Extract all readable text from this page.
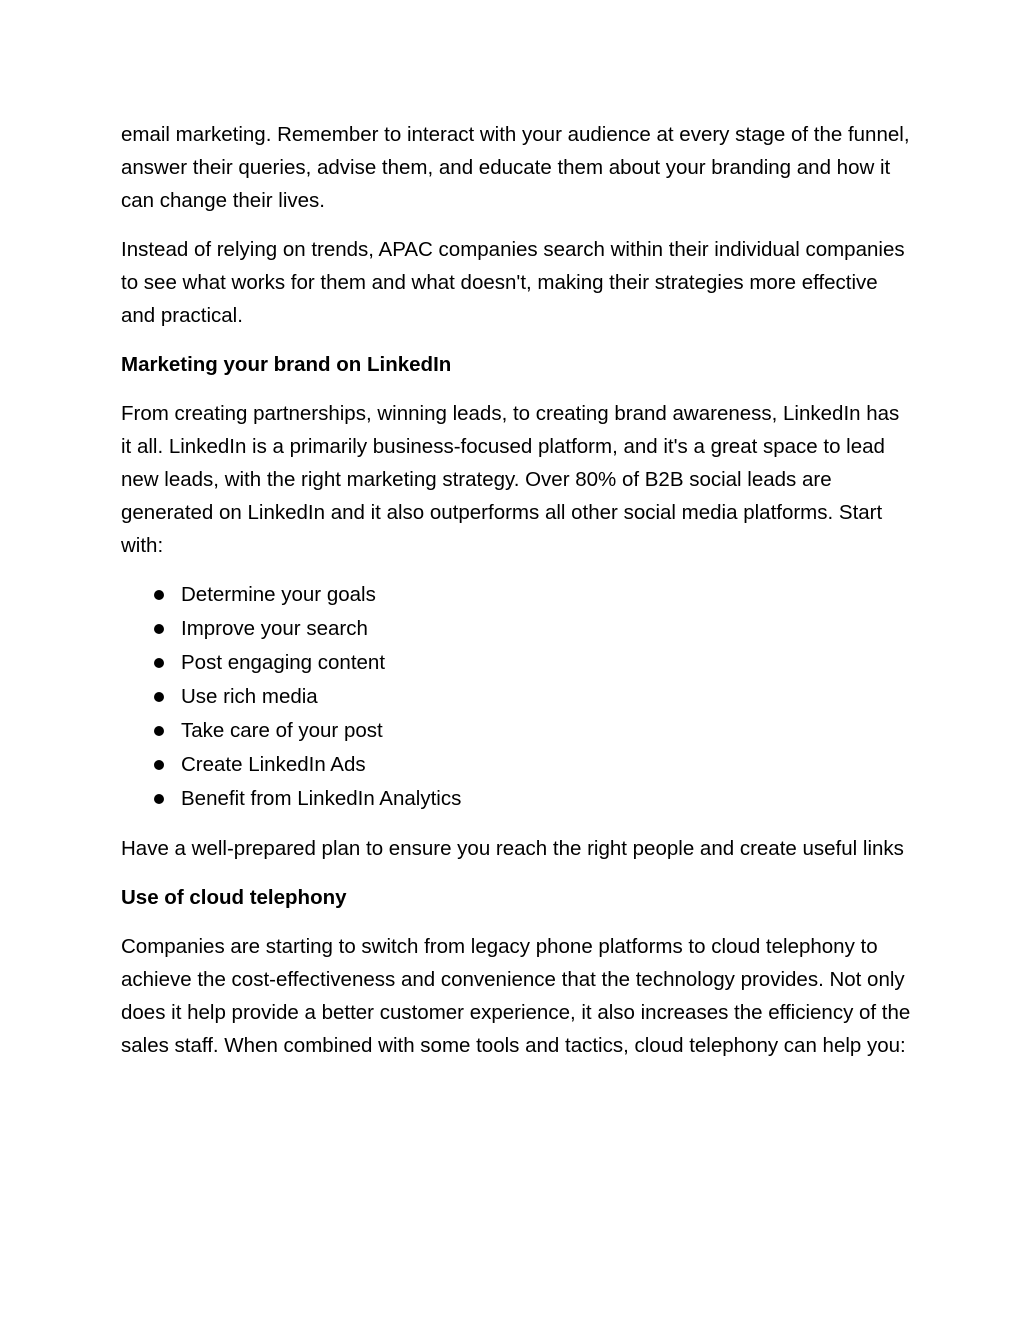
email marketing. Remember to interact with your audience at every stage of the funnel, answer their queries, advise them, and educate them about your branding and how it can change their lives.

Instead of relying on trends, APAC companies search within their individual companies to see what works for them and what doesn't, making their strategies more effective and practical.

Marketing your brand on LinkedIn

From creating partnerships, winning leads, to creating brand awareness, LinkedIn has it all. LinkedIn is a primarily business-focused platform, and it's a great space to lead new leads, with the right marketing strategy. Over 80% of B2B social leads are generated on LinkedIn and it also outperforms all other social media platforms. Start with:

Determine your goals
Improve your search
Post engaging content
Use rich media
Take care of your post
Create LinkedIn Ads
Benefit from LinkedIn Analytics

Have a well-prepared plan to ensure you reach the right people and create useful links

Use of cloud telephony

Companies are starting to switch from legacy phone platforms to cloud telephony to achieve the cost-effectiveness and convenience that the technology provides. Not only does it help provide a better customer experience, it also increases the efficiency of the sales staff. When combined with some tools and tactics, cloud telephony can help you:
